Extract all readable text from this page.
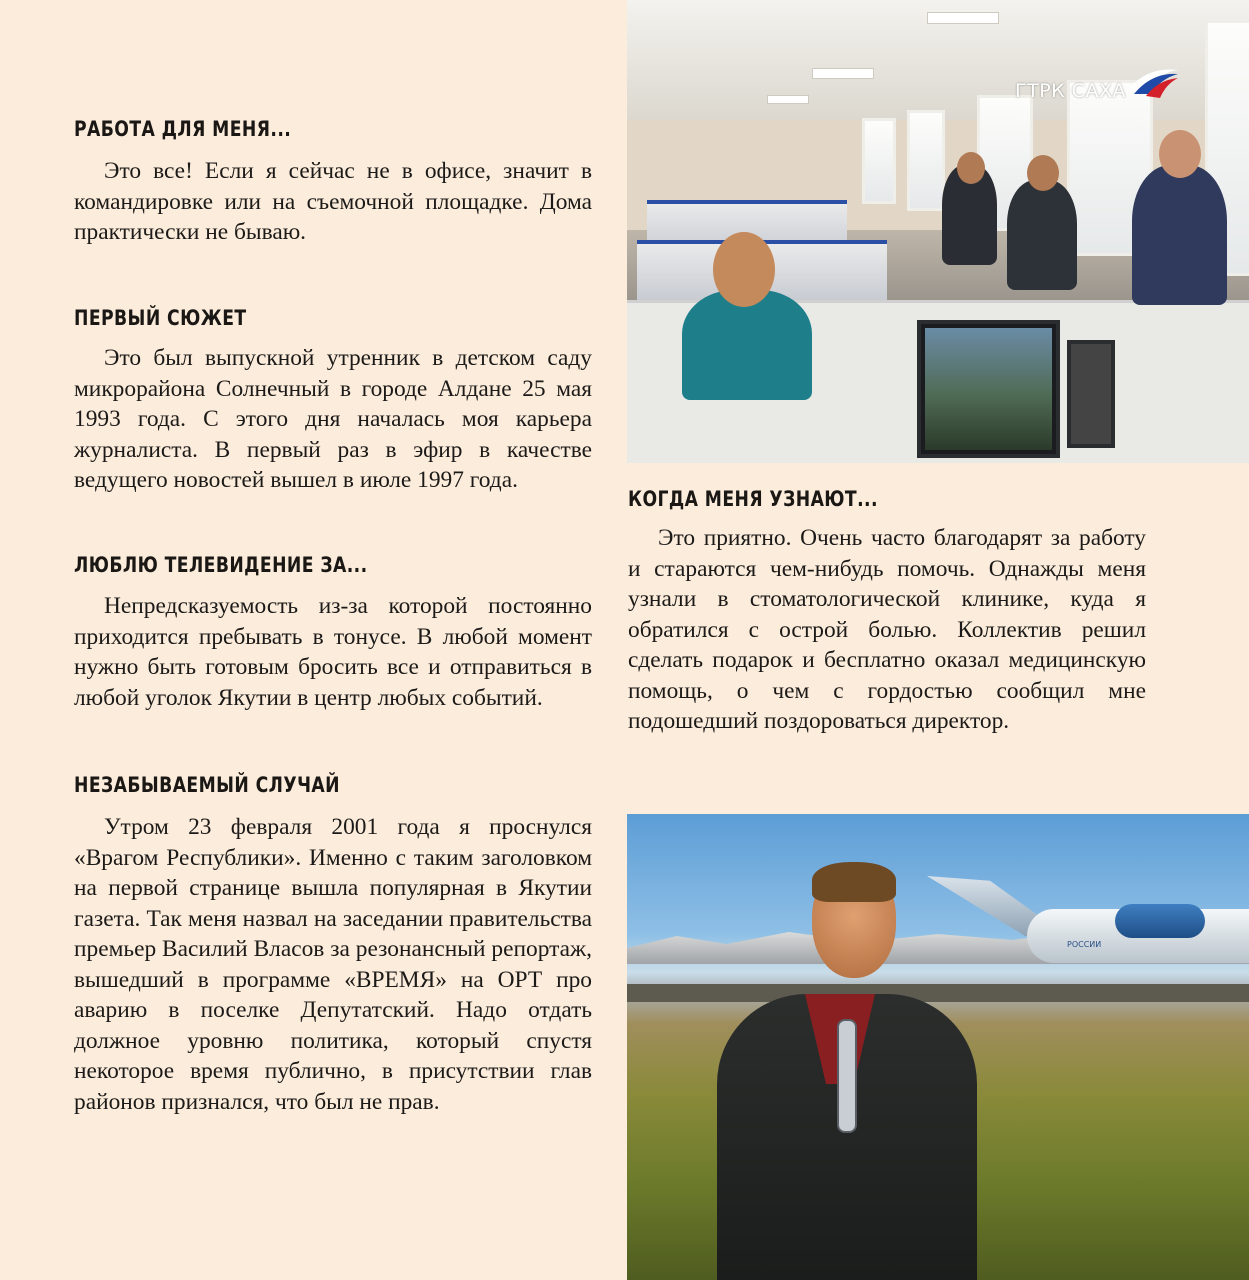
РАБОТА ДЛЯ МЕНЯ...

Это все! Если я сейчас не в офисе, значит в командировке или на съемочной площадке. Дома практически не бываю.

ПЕРВЫЙ СЮЖЕТ

Это был выпускной утренник в детском саду микрорайона Солнечный в городе Алдане 25 мая 1993 года. С этого дня началась моя карьера журналиста. В первый раз в эфир в качестве ведущего новостей вышел в июле 1997 года.

ЛЮБЛЮ ТЕЛЕВИДЕНИЕ ЗА...

Непредсказуемость из-за которой постоянно приходится пребывать в тонусе. В любой момент нужно быть готовым бросить все и отправиться в любой уголок Якутии в центр любых событий.

НЕЗАБЫВАЕМЫЙ СЛУЧАЙ

Утром 23 февраля 2001 года я проснулся «Врагом Республики». Именно с таким заголовком на первой странице вышла популярная в Якутии газета. Так меня назвал на заседании правительства премьер Василий Власов за резонансный репортаж, вышедший в программе «ВРЕМЯ» на ОРТ про аварию в поселке Депутатский. Надо отдать должное уровню политика, который спустя некоторое время публично, в присутствии глав районов признался, что был не прав.

КОГДА МЕНЯ УЗНАЮТ...

Это приятно. Очень часто благодарят за работу и стараются чем-нибудь помочь. Однажды меня узнали в стоматологической клинике, куда я обратился с острой болью. Коллектив решил сделать подарок и бесплатно оказал медицинскую помощь, о чем с гордостью сообщил мне подошедший поздороваться директор.

ГТРК САХА
РОССИИ
